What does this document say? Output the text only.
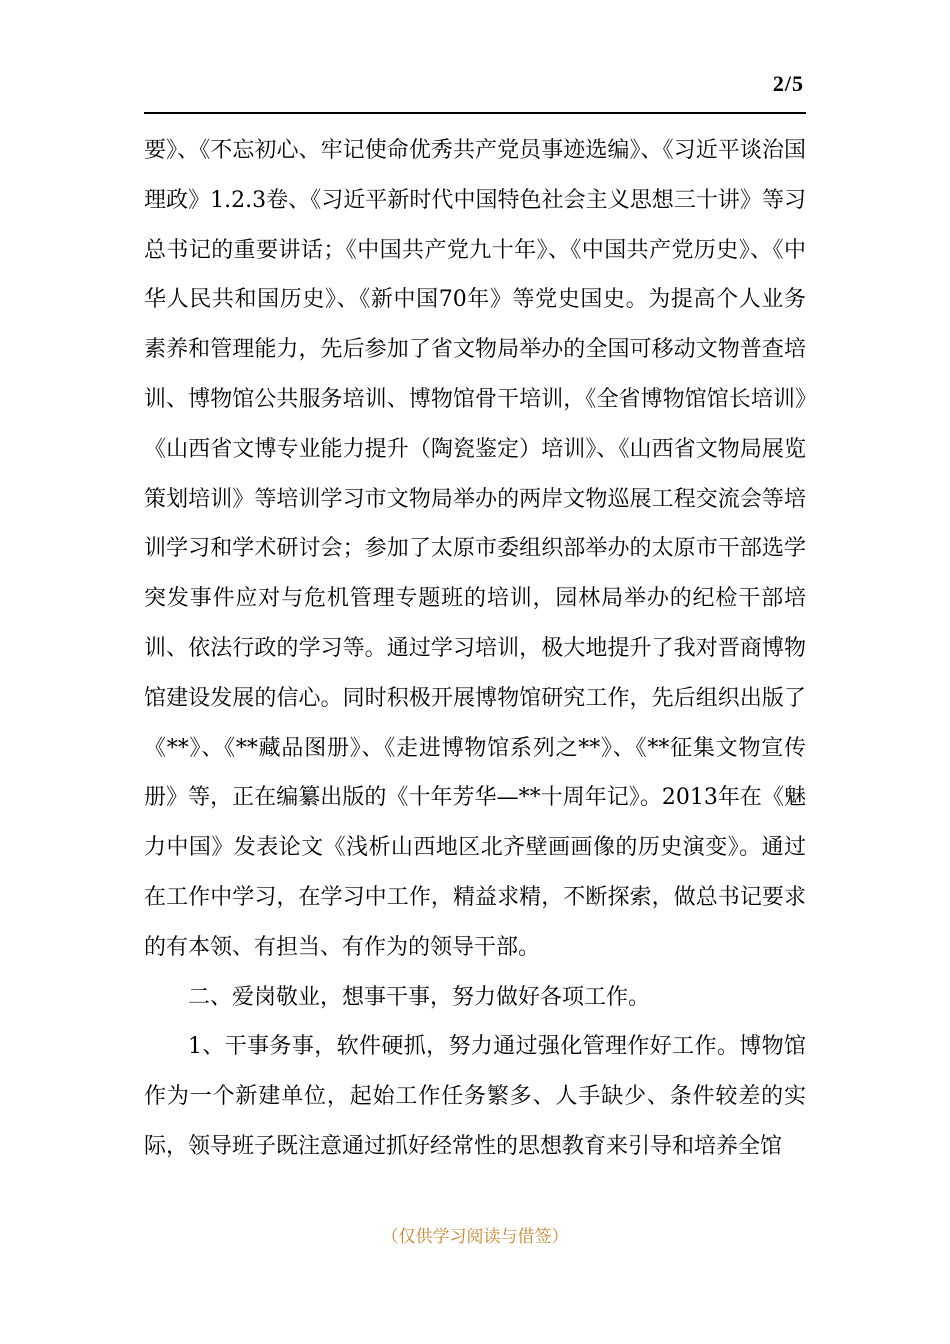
2/5

要》、《不忘初心、牢记使命优秀共产党员事迹选编》、《习近平谈治国理政》1.2.3卷、《习近平新时代中国特色社会主义思想三十讲》等习总书记的重要讲话；《中国共产党九十年》、《中国共产党历史》、《中华人民共和国历史》、《新中国70年》等党史国史。为提高个人业务素养和管理能力，先后参加了省文物局举办的全国可移动文物普查培训、博物馆公共服务培训、博物馆骨干培训，《全省博物馆馆长培训》《山西省文博专业能力提升（陶瓷鉴定）培训》、《山西省文物局展览策划培训》等培训学习市文物局举办的两岸文物巡展工程交流会等培训学习和学术研讨会；参加了太原市委组织部举办的太原市干部选学突发事件应对与危机管理专题班的培训，园林局举办的纪检干部培训、依法行政的学习等。通过学习培训，极大地提升了我对晋商博物馆建设发展的信心。同时积极开展博物馆研究工作，先后组织出版了《**》、《**藏品图册》、《走进博物馆系列之**》、《**征集文物宣传册》等，正在编纂出版的《十年芳华—**十周年记》。2013年在《魅力中国》发表论文《浅析山西地区北齐壁画画像的历史演变》。通过在工作中学习，在学习中工作，精益求精，不断探索，做总书记要求的有本领、有担当、有作为的领导干部。

二、爱岗敬业，想事干事，努力做好各项工作。

1、干事务事，软件硬抓，努力通过强化管理作好工作。博物馆作为一个新建单位，起始工作任务繁多、人手缺少、条件较差的实际，领导班子既注意通过抓好经常性的思想教育来引导和培养全馆

（仅供学习阅读与借签）
